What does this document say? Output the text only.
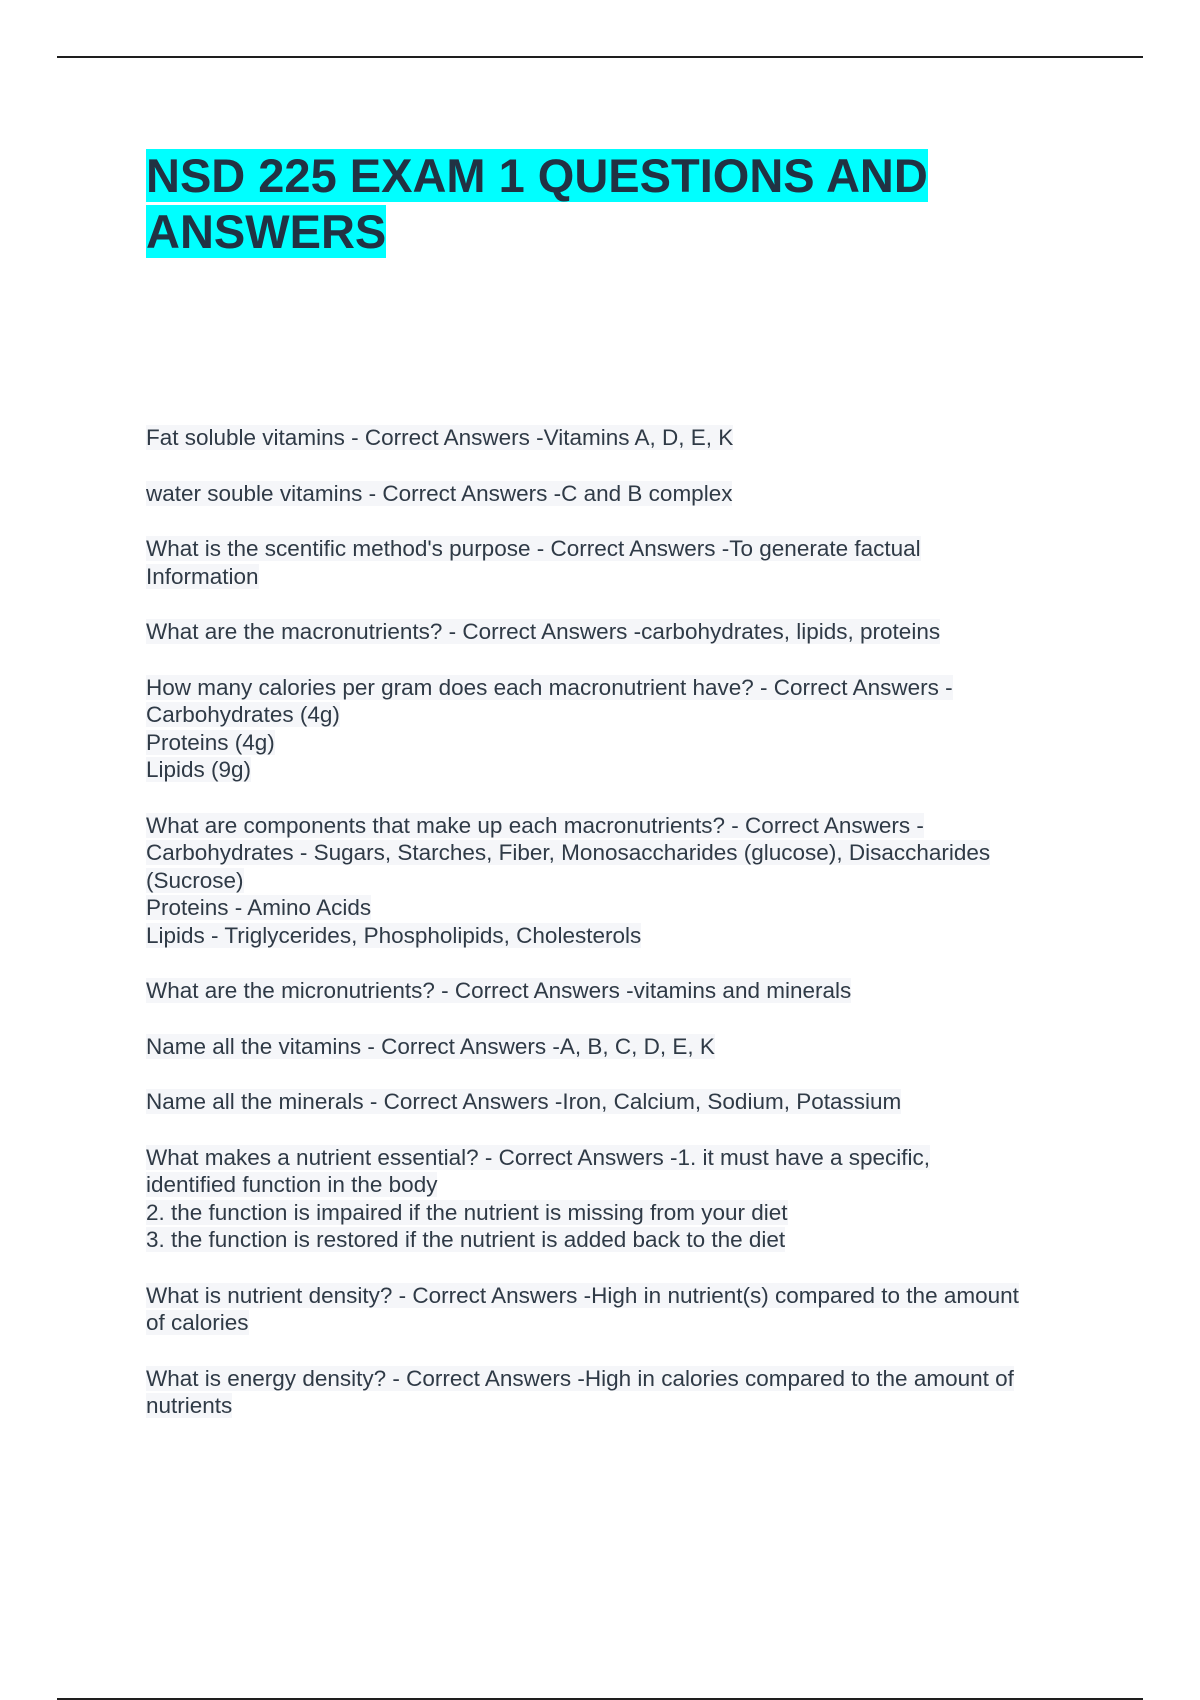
NSD 225 EXAM 1 QUESTIONS AND ANSWERS
Fat soluble vitamins - Correct Answers -Vitamins A, D, E, K
water souble vitamins - Correct Answers -C and B complex
What is the scentific method's purpose - Correct Answers -To generate factual
Information
What are the macronutrients? - Correct Answers -carbohydrates, lipids, proteins
How many calories per gram does each macronutrient have? - Correct Answers -
Carbohydrates (4g)
Proteins (4g)
Lipids (9g)
What are components that make up each macronutrients? - Correct Answers -
Carbohydrates - Sugars, Starches, Fiber, Monosaccharides (glucose), Disaccharides
(Sucrose)
Proteins - Amino Acids
Lipids - Triglycerides, Phospholipids, Cholesterols
What are the micronutrients? - Correct Answers -vitamins and minerals
Name all the vitamins - Correct Answers -A, B, C, D, E, K
Name all the minerals - Correct Answers -Iron, Calcium, Sodium, Potassium
What makes a nutrient essential? - Correct Answers -1. it must have a specific,
identified function in the body
2. the function is impaired if the nutrient is missing from your diet
3. the function is restored if the nutrient is added back to the diet
What is nutrient density? - Correct Answers -High in nutrient(s) compared to the amount
of calories
What is energy density? - Correct Answers -High in calories compared to the amount of
nutrients
